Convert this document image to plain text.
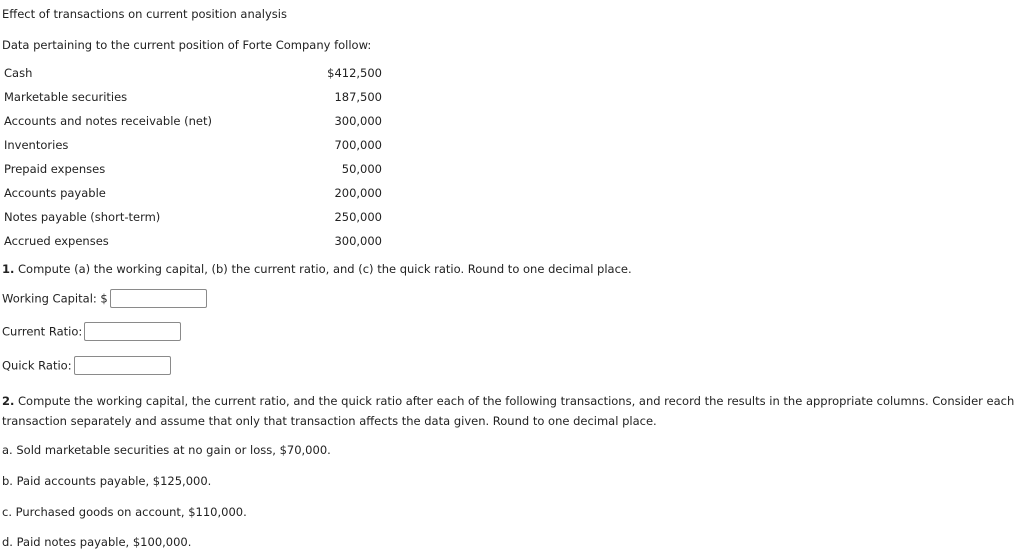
Effect of transactions on current position analysis
Data pertaining to the current position of Forte Company follow:
Cash	$412,500
Marketable securities	187,500
Accounts and notes receivable (net)	300,000
Inventories	700,000
Prepaid expenses	50,000
Accounts payable	200,000
Notes payable (short-term)	250,000
Accrued expenses	300,000
1. Compute (a) the working capital, (b) the current ratio, and (c) the quick ratio. Round to one decimal place.
Working Capital: $
Current Ratio:
Quick Ratio:
2. Compute the working capital, the current ratio, and the quick ratio after each of the following transactions, and record the results in the appropriate columns. Consider each transaction separately and assume that only that transaction affects the data given. Round to one decimal place.
a. Sold marketable securities at no gain or loss, $70,000.
b. Paid accounts payable, $125,000.
c. Purchased goods on account, $110,000.
d. Paid notes payable, $100,000.
